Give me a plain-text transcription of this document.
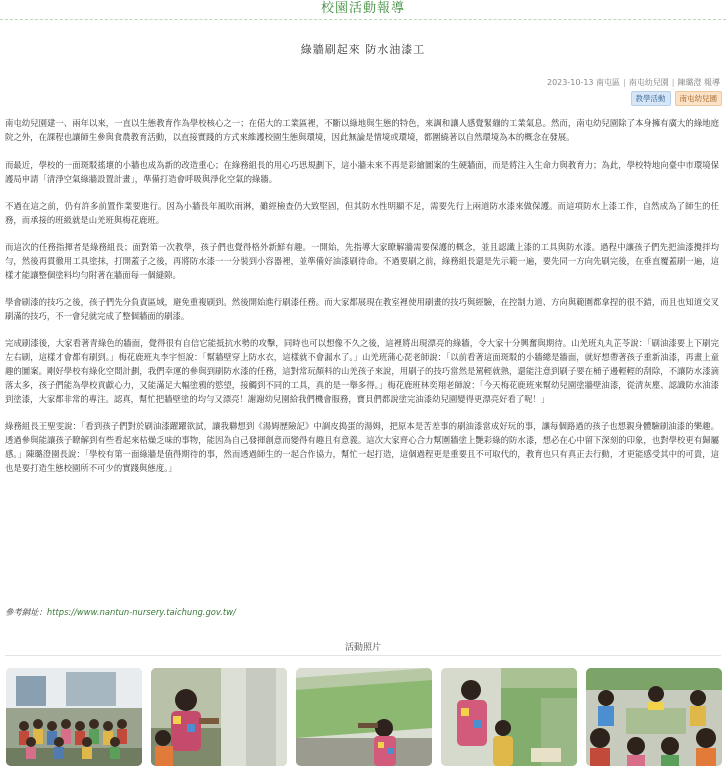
校園活動報導
綠牆刷起來 防水油漆工
2023-10-13 南屯區 | 南屯幼兒園 | 陳璐澄 報導
教學活動	南屯幼兒園

南屯幼兒園建一、兩年以來，一直以生態教育作為學校核心之一；在偌大的工業區裡，不斷以綠地與生態的特色，來調和讓人感覺緊繃的工業氣息。然而，南屯幼兒園除了本身擁有廣大的綠地庭院之外，在課程也讓師生參與食農教育活動，以直接實踐的方式來維護校園生態與環境，因此無論是情境或環境，都圍繞著以自然環境為本的概念在發展。

而最近，學校的一面斑駁搖壞的小牆也成為新的改造重心；在綠務組長的用心巧思規劃下，這小牆未來不再是彩繪圖案的生硬牆面，而是將注入生命力與教育力；為此，學校特地向臺中市環境保護局申請「清淨空氣綠牆設置計畫」，準備打造會呼吸與淨化空氣的綠牆。

不過在這之前，仍有許多前置作業要進行。因為小牆長年風吹雨淋，雖經檢查仍大致堅固，但其防水性明顯不足，需要先行上兩道防水漆來做保護。而這項防水上漆工作，自然成為了師生的任務，而承接的班級就是山羌班與梅花鹿班。

而這次的任務指揮者是綠務組長；面對第一次教學，孩子們也覺得格外新鮮有趣。一開始，先指導大家瞭解牆需要保護的概念，並且認識上漆的工具與防水漆。過程中讓孩子們先把油漆攪拌均勻，然後再貫徹用工具塗抹，打開蓋子之後，再將防水漆一一分裝到小容器裡，並準備好油漆刷待命。不過要刷之前，綠務組長還是先示範一遍，要先同一方向先刷完後，在垂直覆蓋刷一遍，這樣才能讓整個塗料均勻附著在牆面每一個縫隙。

學會刷漆的技巧之後，孩子們先分負責區域，避免重複刷到。然後開始進行刷漆任務。而大家都展現在教室裡使用刷畫的技巧與經驗，在控制力道、方向與範圍都拿捏的很不錯，而且也知道交叉刷滿的技巧，不一會兒就完成了整個牆面的刷漆。

完成刷漆後，大家看著青綠色的牆面，覺得很有自信它能抵抗水勢的攻擊，同時也可以想像不久之後，這裡將出現漂亮的綠牆，令大家十分興奮與期待。山羌班丸丸芷苓說：「刷油漆要上下刷完左右刷，這樣才會都有刷到。」梅花鹿班丸李宇恒說：「幫牆壁穿上防水衣，這樣就不會漏水了。」山羌班蒲心琵老師說：「以前看著這面斑駁的小牆總是牆面，就好想帶著孩子重新油漆，再畫上童趣的圖案。剛好學校有綠化空間計劃，我們幸運的參與到刷防水漆的任務，這對常玩顏料的山羌孩子來說，用刷子的技巧當然是駕輕就熟，還能注意到刷子要在桶子邊輕輕的刮除，不讓防水漆滴落太多，孩子們能為學校貢獻心力，又能滿足大幅塗鴉的慾望，接觸到不同的工具，真的是一舉多得。」梅花鹿班林奕翔老師說：「今天梅花鹿班來幫幼兒園塗牆壁油漆，從清灰塵、認識防水油漆到塗漆，大家都非常的專注。認真，幫忙把牆壁塗的均勻又漂亮！謝謝幼兒園給我們機會服務，寶貝們都說塗完油漆幼兒園變得更漂亮好看了呢！」

綠務組長王聖雯說：「看到孩子們對於刷油漆躍躍欲試，讓我聯想到《湯姆歷險記》中調皮搗蛋的湯姆，把原本是苦差事的刷油漆當成好玩的事，讓每個路過的孩子也想親身體驗刷油漆的樂趣。透過參與能讓孩子瞭解到有些看起來枯燥乏味的事物，能因為自己發揮創意而變得有趣且有意義。這次大家齊心合力幫圍牆塗上艷彩綠的防水漆，想必在心中留下深刻的印象，也對學校更有歸屬感。」陳璐澄園長說：「學校有第一面綠牆是值得期待的事，然而透過師生的一起合作協力，幫忙一起打造，這個過程更是重要且不可取代的，教育也只有真正去行動，才更能感受其中的可貴，這也是要打造生態校園所不可少的實踐與態度。」

參考網址：https://www.nantun-nursery.taichung.gov.tw/
活動照片
